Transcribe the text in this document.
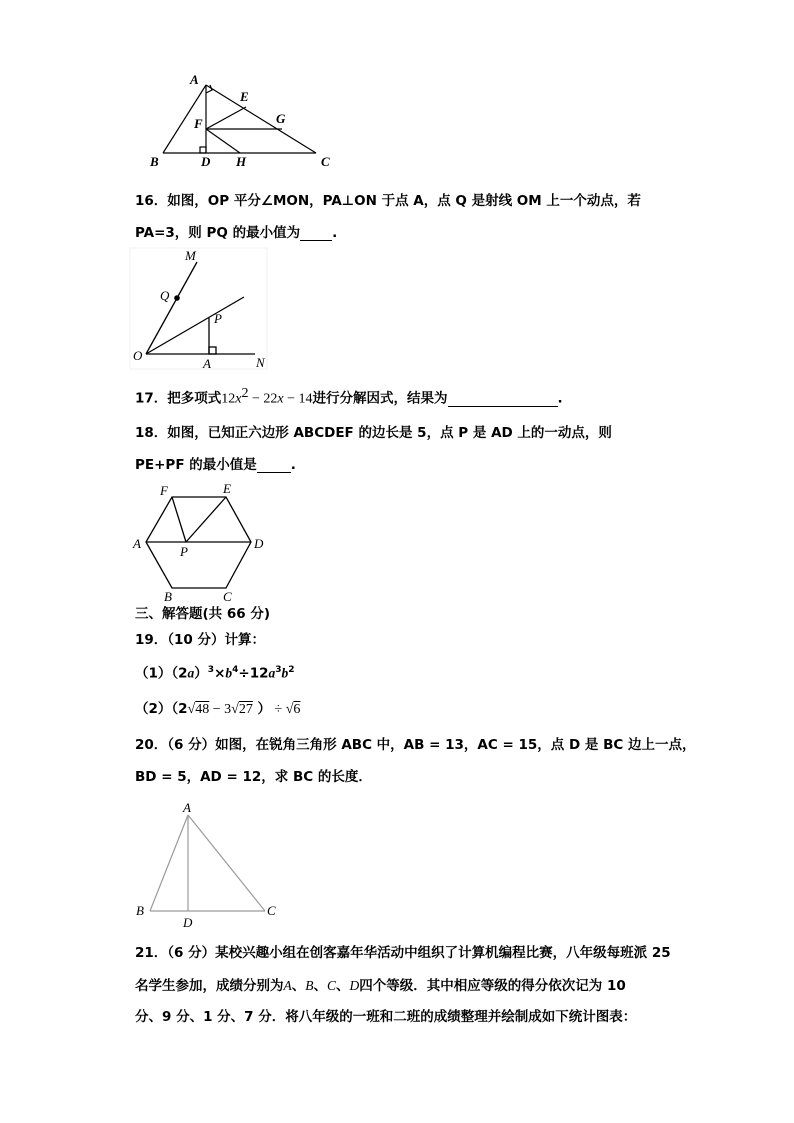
A
E
G
F
B	D H	C
16．如图，OP 平分∠MON，PA⊥ON 于点 A，点 Q 是射线 OM 上一个动点，若
PA=3，则 PQ 的最小值为 .
M
Q
P
O
A	N
17．把多项式$12x^2 - 22x - 14$进行分解因式，结果为	.
18．如图，已知正六边形 ABCDEF 的边长是 5，点 P 是 AD 上的一动点，则
PE+PF 的最小值是	.
F	E
A
P
D
B	C
三、解答题(共 66 分)
19．（10 分）计算：
$(1)(2a)^3\times b^4\div 12a^3b^2$
（2）（2√48 − 3√27 ） ÷ √6
20．（6 分）如图，在锐角三角形 ABC 中，AB = 13，AC = 15，点 D 是 BC 边上一点，
BD = 5，AD = 12，求 BC 的长度．
A
B
D
C
21．（6 分）某校兴趣小组在创客嘉年华活动中组织了计算机编程比赛，八年级每班派 25
名学生参加，成绩分别为A、B、C、D四个等级．其中相应等级的得分依次记为 10
分、9 分、1 分、7 分．将八年级的一班和二班的成绩整理并绘制成如下统计图表：
